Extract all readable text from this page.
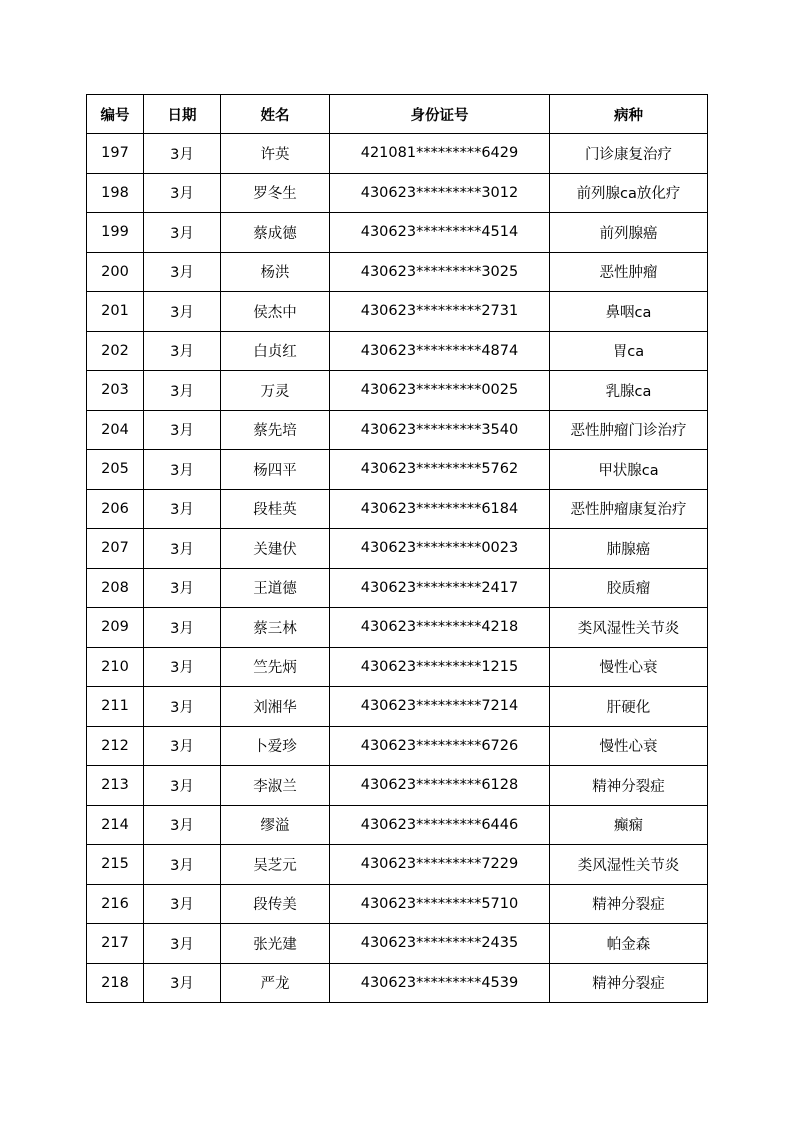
编号	日期	姓名	身份证号	病种
197	3月	许英	421081*********6429	门诊康复治疗
198	3月	罗冬生	430623*********3012	前列腺ca放化疗
199	3月	蔡成德	430623*********4514	前列腺癌
200	3月	杨洪	430623*********3025	恶性肿瘤
201	3月	侯杰中	430623*********2731	鼻咽ca
202	3月	白贞红	430623*********4874	胃ca
203	3月	万灵	430623*********0025	乳腺ca
204	3月	蔡先培	430623*********3540	恶性肿瘤门诊治疗
205	3月	杨四平	430623*********5762	甲状腺ca
206	3月	段桂英	430623*********6184	恶性肿瘤康复治疗
207	3月	关建伏	430623*********0023	肺腺癌
208	3月	王道德	430623*********2417	胶质瘤
209	3月	蔡三林	430623*********4218	类风湿性关节炎
210	3月	竺先炳	430623*********1215	慢性心衰
211	3月	刘湘华	430623*********7214	肝硬化
212	3月	卜爱珍	430623*********6726	慢性心衰
213	3月	李淑兰	430623*********6128	精神分裂症
214	3月	缪溢	430623*********6446	癫痫
215	3月	吴芝元	430623*********7229	类风湿性关节炎
216	3月	段传美	430623*********5710	精神分裂症
217	3月	张光建	430623*********2435	帕金森
218	3月	严龙	430623*********4539	精神分裂症
